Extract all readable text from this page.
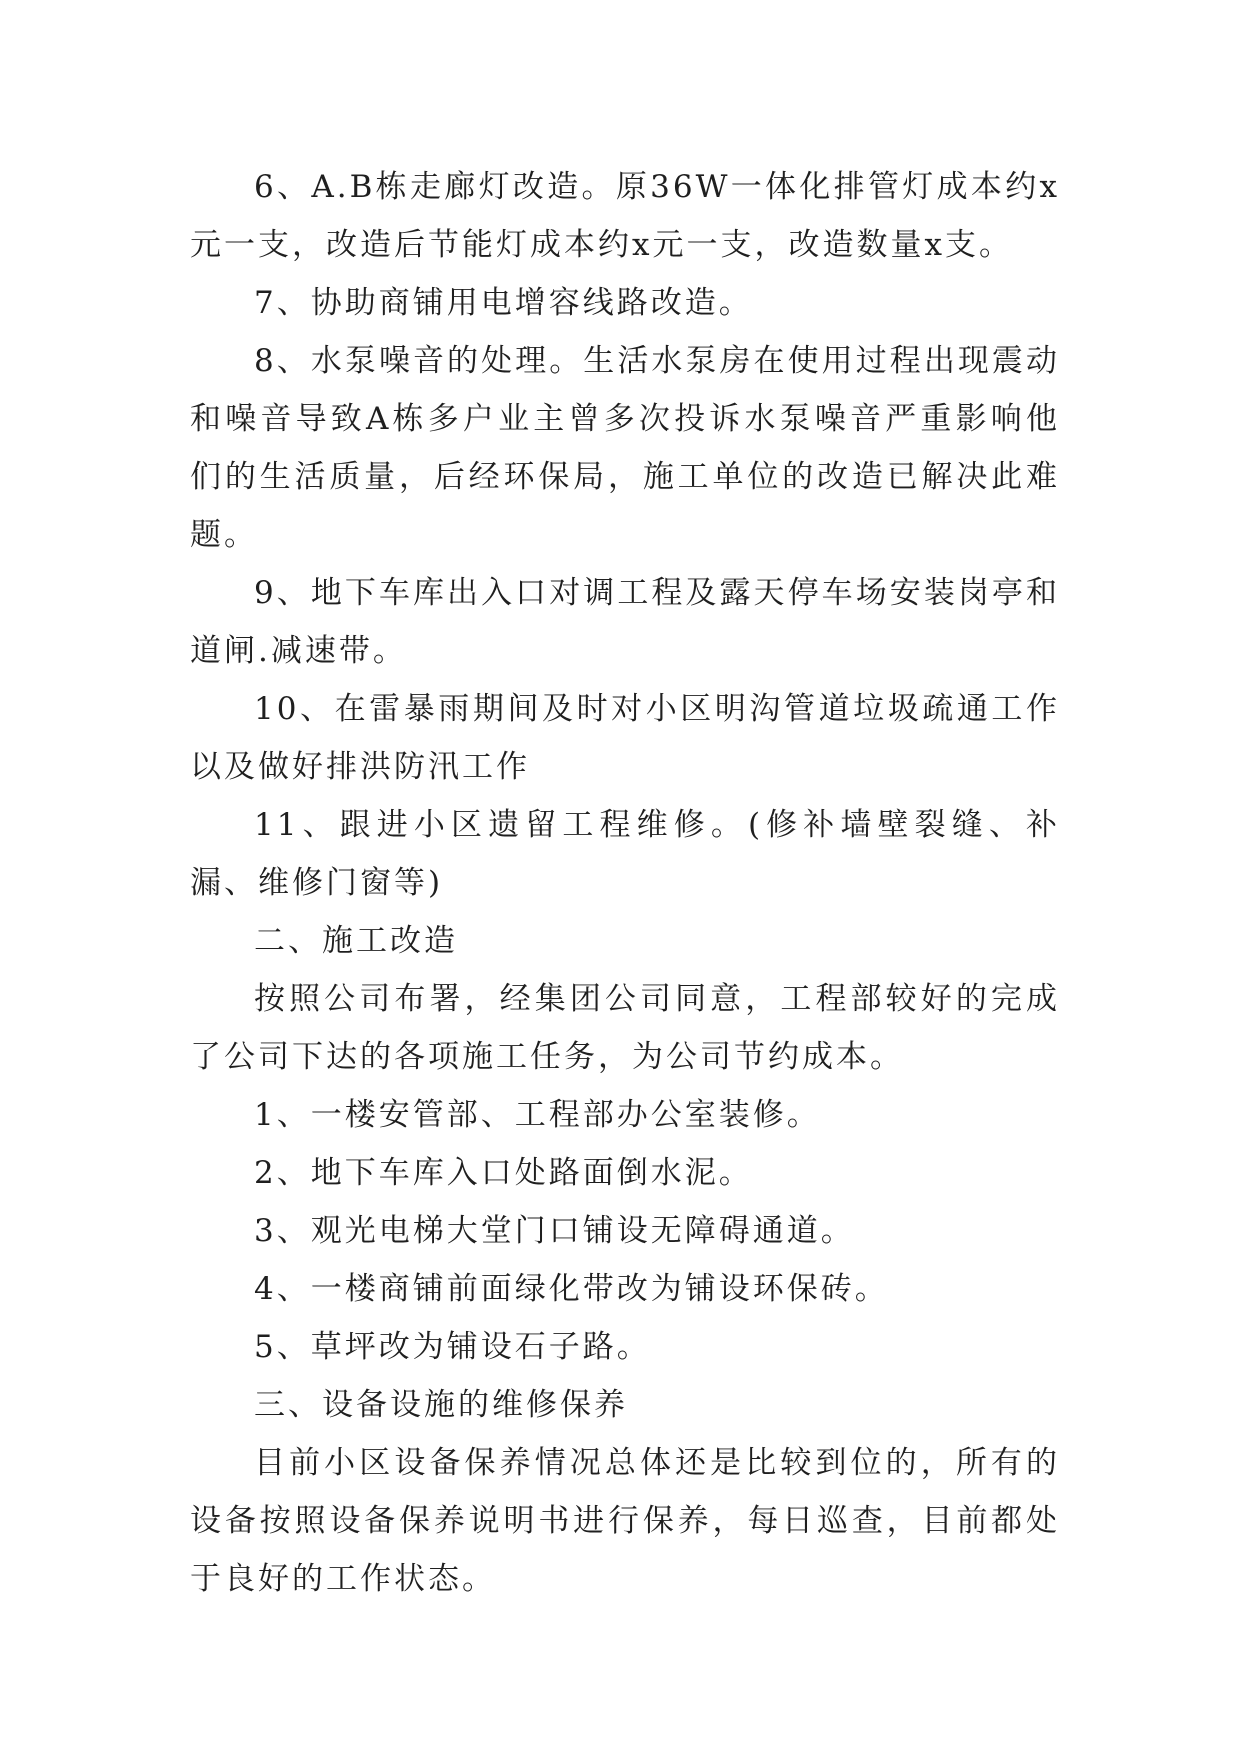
6、A.B栋走廊灯改造。原36W一体化排管灯成本约x元一支，改造后节能灯成本约x元一支，改造数量x支。

7、协助商铺用电增容线路改造。

8、水泵噪音的处理。生活水泵房在使用过程出现震动和噪音导致A栋多户业主曾多次投诉水泵噪音严重影响他们的生活质量，后经环保局，施工单位的改造已解决此难题。

9、地下车库出入口对调工程及露天停车场安装岗亭和道闸.减速带。

10、在雷暴雨期间及时对小区明沟管道垃圾疏通工作以及做好排洪防汛工作

11、跟进小区遗留工程维修。(修补墙壁裂缝、补漏、维修门窗等)

二、施工改造

按照公司布署，经集团公司同意，工程部较好的完成了公司下达的各项施工任务，为公司节约成本。

1、一楼安管部、工程部办公室装修。

2、地下车库入口处路面倒水泥。

3、观光电梯大堂门口铺设无障碍通道。

4、一楼商铺前面绿化带改为铺设环保砖。

5、草坪改为铺设石子路。

三、设备设施的维修保养

目前小区设备保养情况总体还是比较到位的，所有的设备按照设备保养说明书进行保养，每日巡查，目前都处于良好的工作状态。
